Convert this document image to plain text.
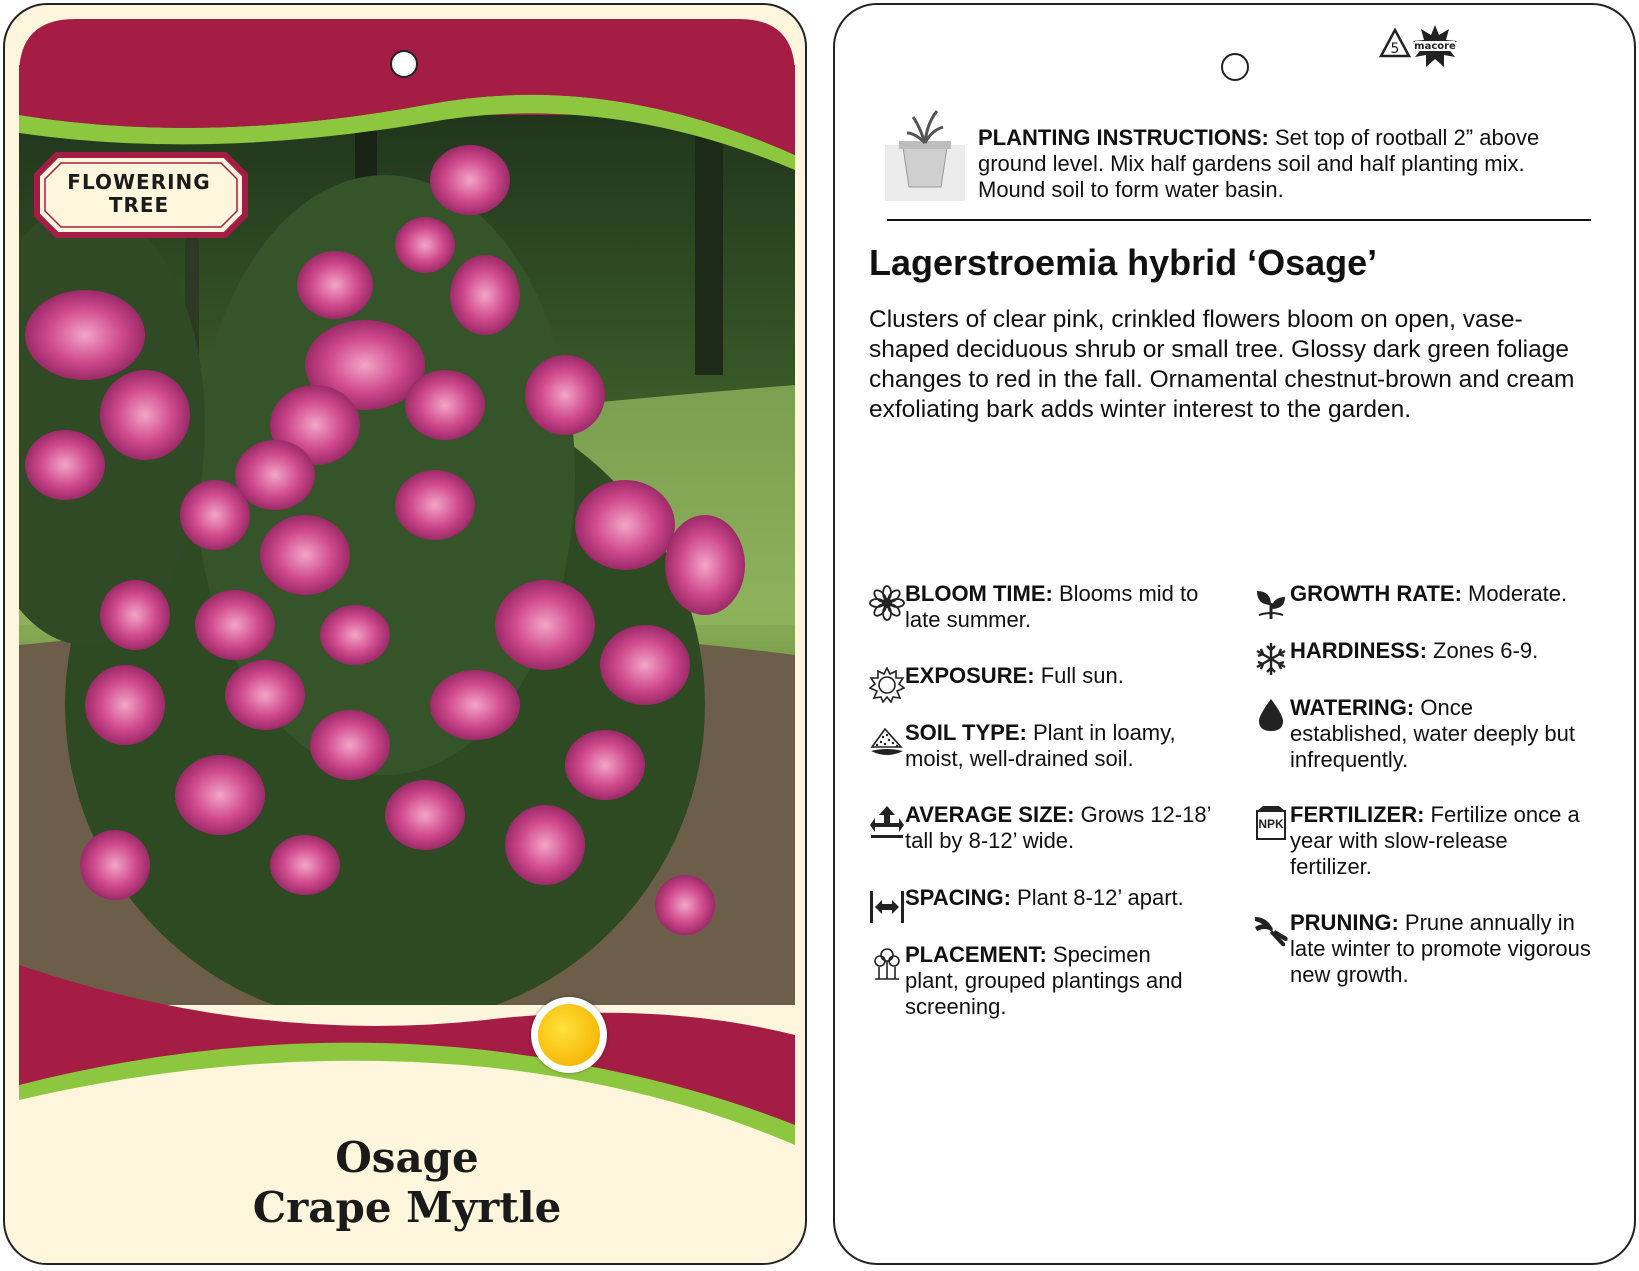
FLOWERING
TREE
Osage
Crape Myrtle
5 macore
PLANTING INSTRUCTIONS: Set top of rootball 2” above ground level. Mix half gardens soil and half planting mix. Mound soil to form water basin.
Lagerstroemia hybrid ‘Osage’
Clusters of clear pink, crinkled flowers bloom on open, vase-shaped deciduous shrub or small tree. Glossy dark green foliage changes to red in the fall. Ornamental chestnut-brown and cream exfoliating bark adds winter interest to the garden.
NPK
BLOOM TIME: Blooms mid to late summer.
EXPOSURE: Full sun.
SOIL TYPE: Plant in loamy, moist, well-drained soil.
AVERAGE SIZE: Grows 12-18’ tall by 8-12’ wide.
SPACING: Plant 8-12’ apart.
PLACEMENT: Specimen plant, grouped plantings and screening.
GROWTH RATE: Moderate.
HARDINESS: Zones 6-9.
WATERING: Once established, water deeply but infrequently.
FERTILIZER: Fertilize once a year with slow-release fertilizer.
PRUNING: Prune annually in late winter to promote vigorous new growth.
